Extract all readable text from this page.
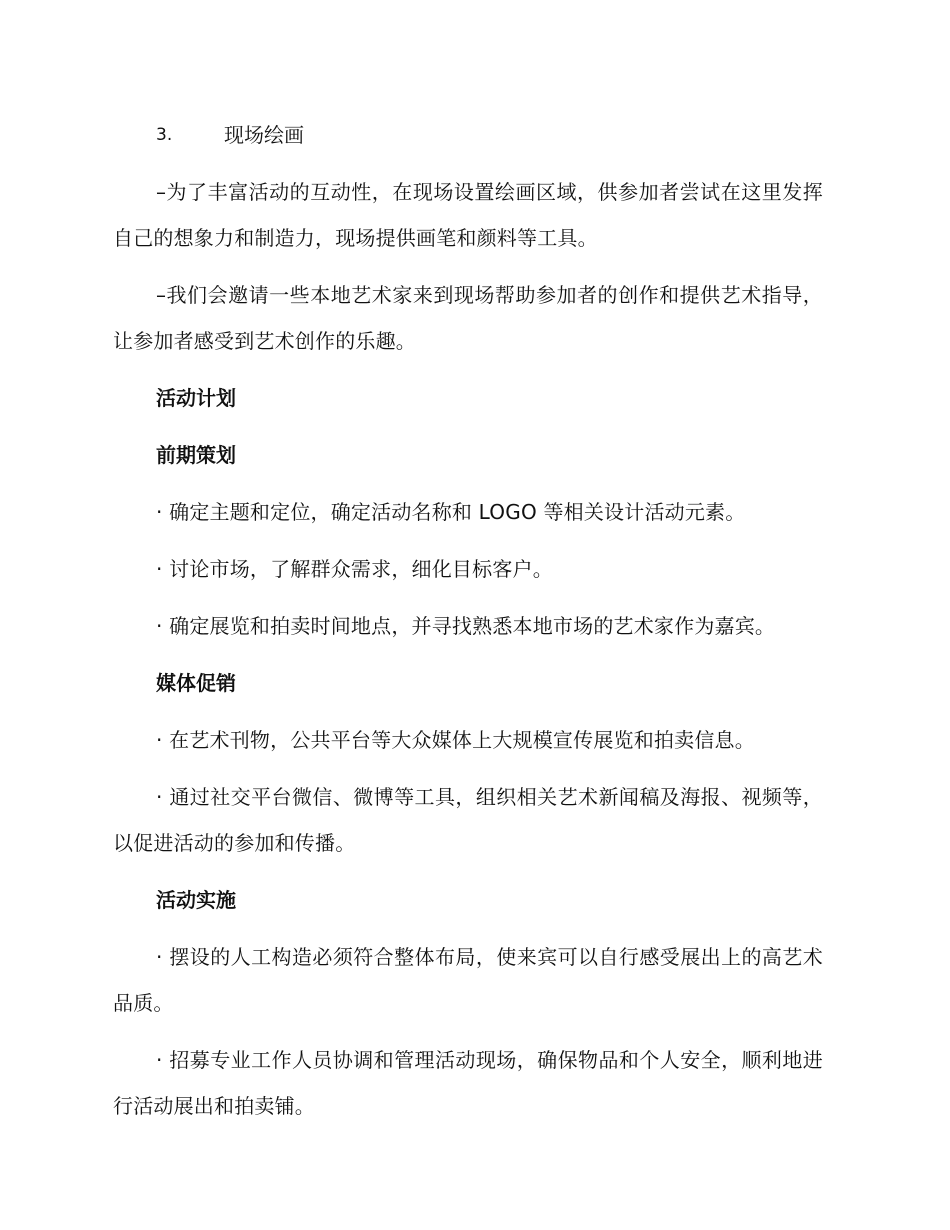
3.	现场绘画

–为了丰富活动的互动性，在现场设置绘画区域，供参加者尝试在这里发挥自己的想象力和制造力，现场提供画笔和颜料等工具。

–我们会邀请一些本地艺术家来到现场帮助参加者的创作和提供艺术指导，让参加者感受到艺术创作的乐趣。

活动计划

前期策划

· 确定主题和定位，确定活动名称和 LOGO 等相关设计活动元素。

· 讨论市场，了解群众需求，细化目标客户。

· 确定展览和拍卖时间地点，并寻找熟悉本地市场的艺术家作为嘉宾。

媒体促销

· 在艺术刊物，公共平台等大众媒体上大规模宣传展览和拍卖信息。

· 通过社交平台微信、微博等工具，组织相关艺术新闻稿及海报、视频等，以促进活动的参加和传播。

活动实施

· 摆设的人工构造必须符合整体布局，使来宾可以自行感受展出上的高艺术品质。

· 招募专业工作人员协调和管理活动现场，确保物品和个人安全，顺利地进行活动展出和拍卖铺。
